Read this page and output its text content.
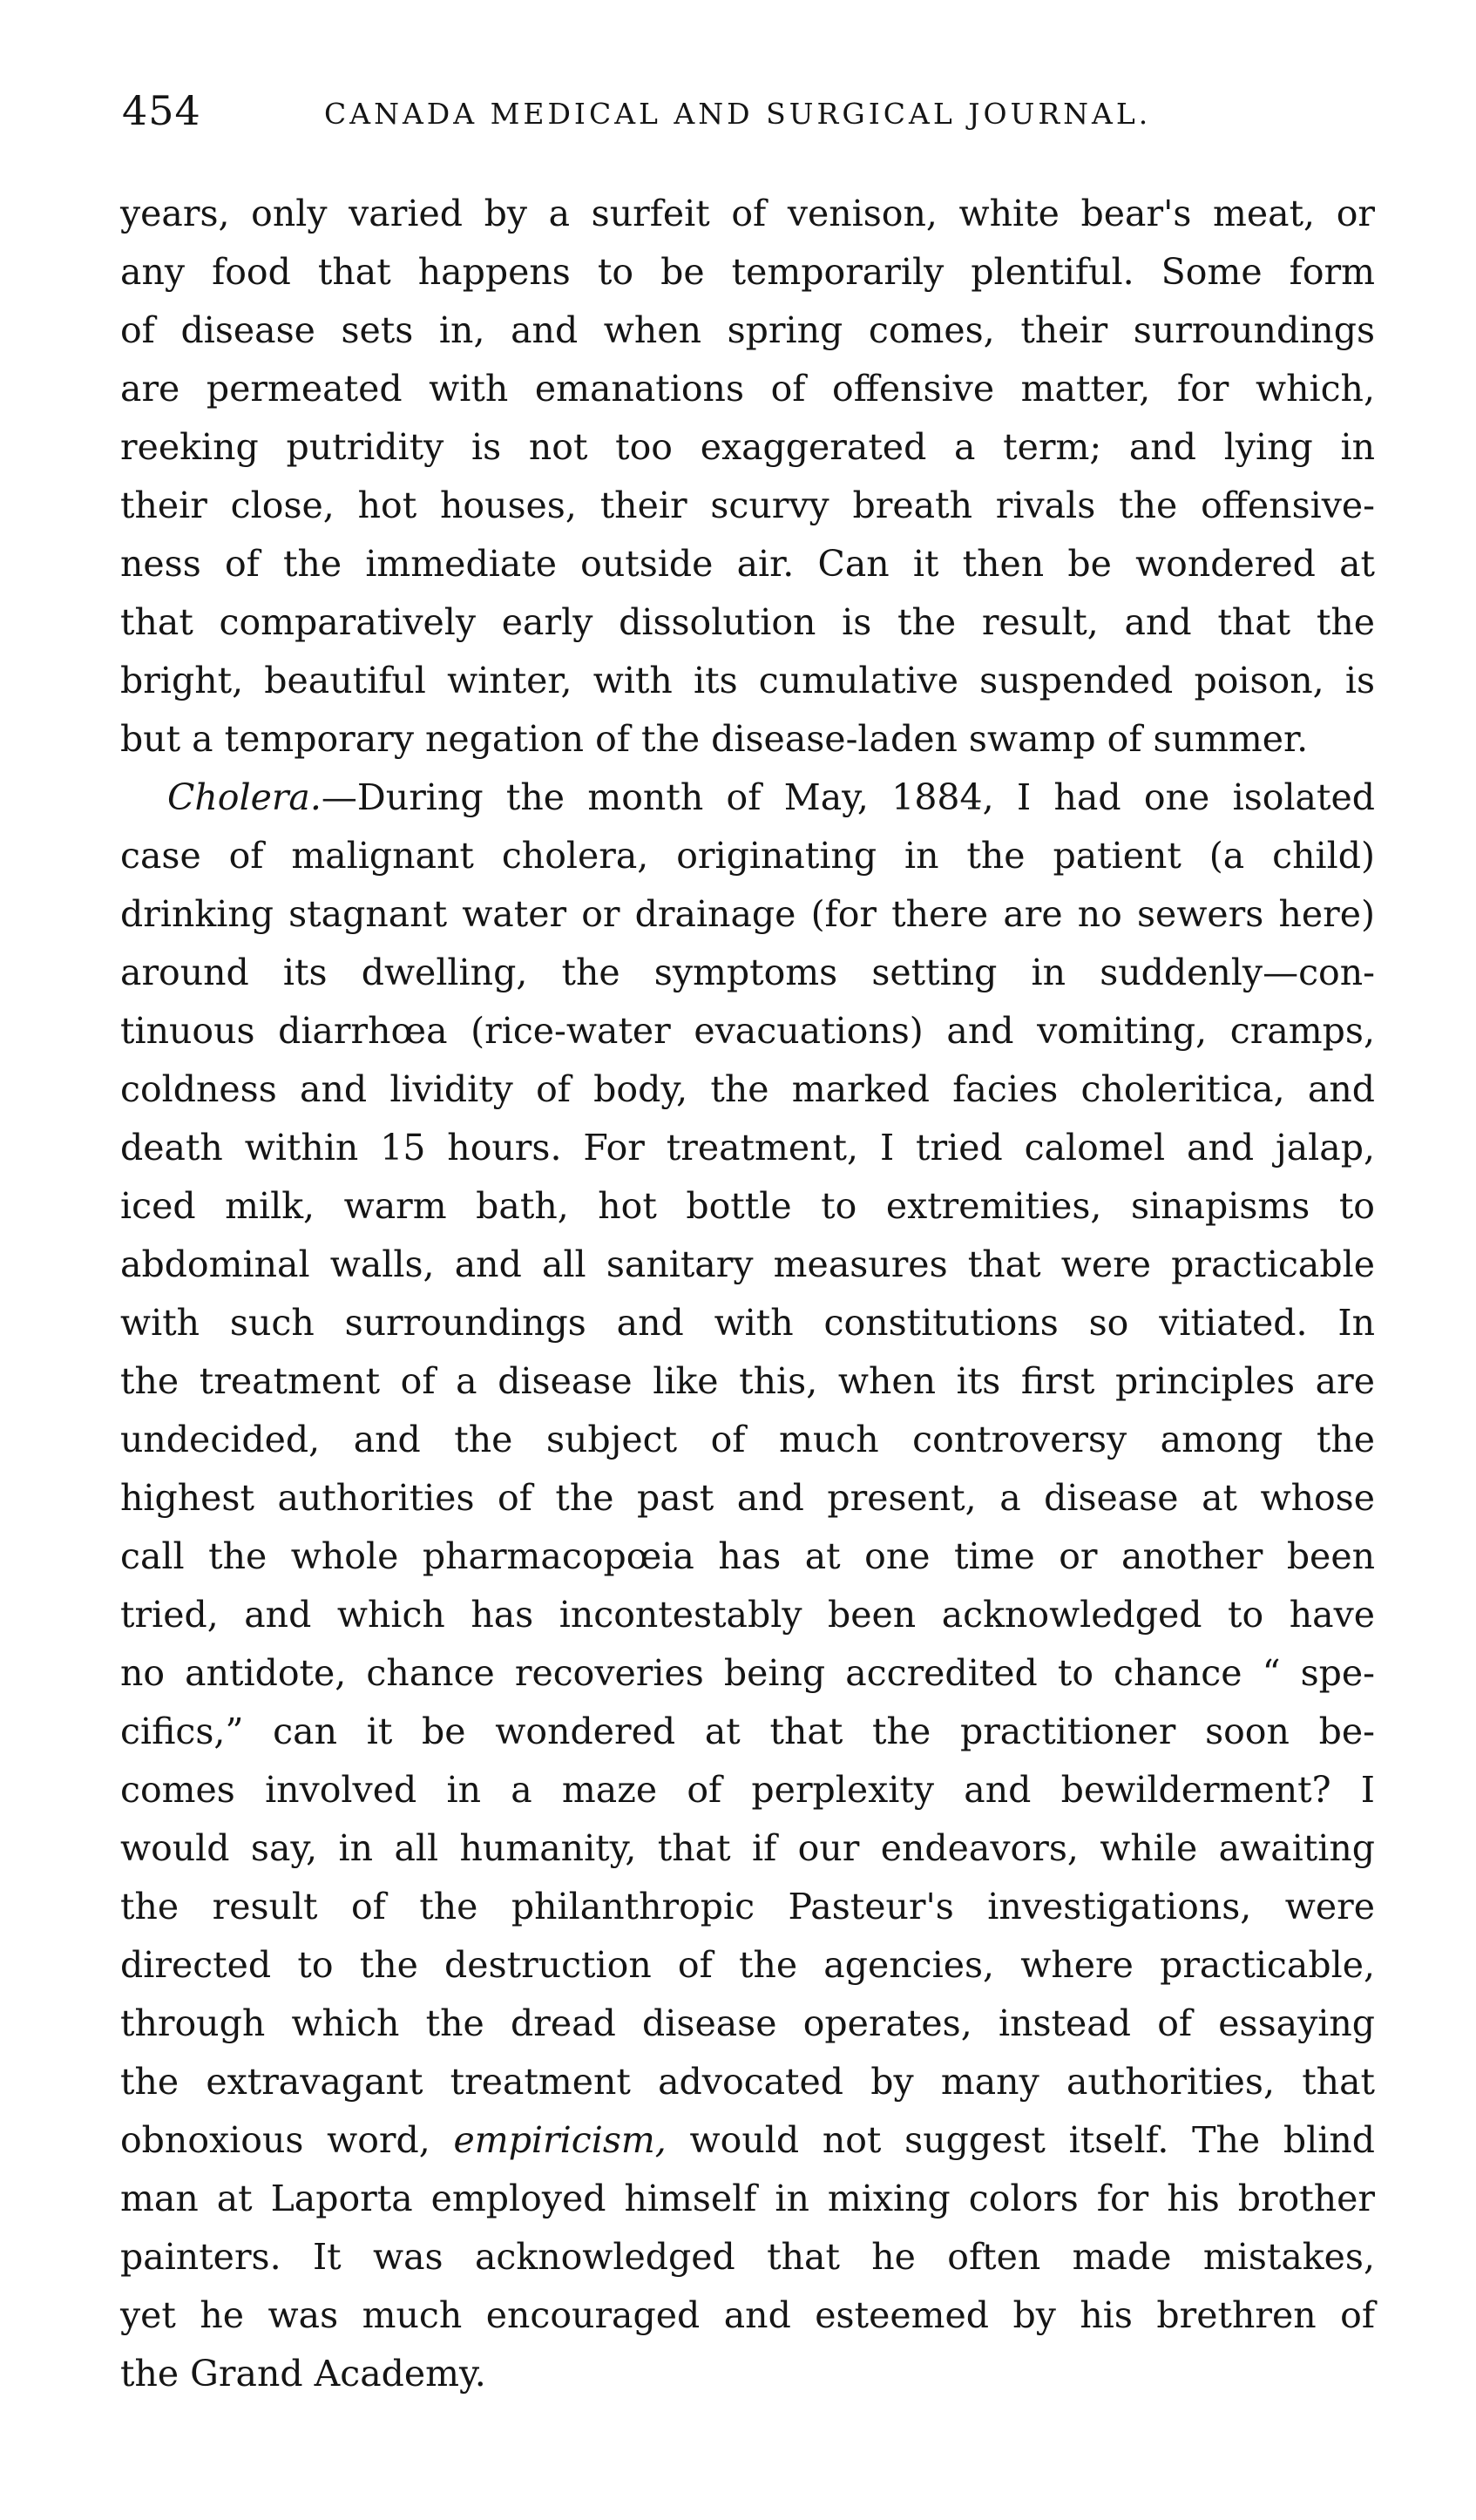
454	CANADA MEDICAL AND SURGICAL JOURNAL.
years, only varied by a surfeit of venison, white bear's meat, or
any food that happens to be temporarily plentiful. Some form
of disease sets in, and when spring comes, their surroundings
are permeated with emanations of offensive matter, for which,
reeking putridity is not too exaggerated a term; and lying in
their close, hot houses, their scurvy breath rivals the offensive-
ness of the immediate outside air. Can it then be wondered at
that comparatively early dissolution is the result, and that the
bright, beautiful winter, with its cumulative suspended poison, is
but a temporary negation of the disease-laden swamp of summer.
Cholera.—During the month of May, 1884, I had one isolated
case of malignant cholera, originating in the patient (a child)
drinking stagnant water or drainage (for there are no sewers here)
around its dwelling, the symptoms setting in suddenly—con-
tinuous diarrhœa (rice-water evacuations) and vomiting, cramps,
coldness and lividity of body, the marked facies choleritica, and
death within 15 hours. For treatment, I tried calomel and jalap,
iced milk, warm bath, hot bottle to extremities, sinapisms to
abdominal walls, and all sanitary measures that were practicable
with such surroundings and with constitutions so vitiated. In
the treatment of a disease like this, when its first principles are
undecided, and the subject of much controversy among the
highest authorities of the past and present, a disease at whose
call the whole pharmacopœia has at one time or another been
tried, and which has incontestably been acknowledged to have
no antidote, chance recoveries being accredited to chance “ spe-
cifics,” can it be wondered at that the practitioner soon be-
comes involved in a maze of perplexity and bewilderment? I
would say, in all humanity, that if our endeavors, while awaiting
the result of the philanthropic Pasteur's investigations, were
directed to the destruction of the agencies, where practicable,
through which the dread disease operates, instead of essaying
the extravagant treatment advocated by many authorities, that
obnoxious word, empiricism, would not suggest itself. The blind
man at Laporta employed himself in mixing colors for his brother
painters. It was acknowledged that he often made mistakes,
yet he was much encouraged and esteemed by his brethren of
the Grand Academy.
